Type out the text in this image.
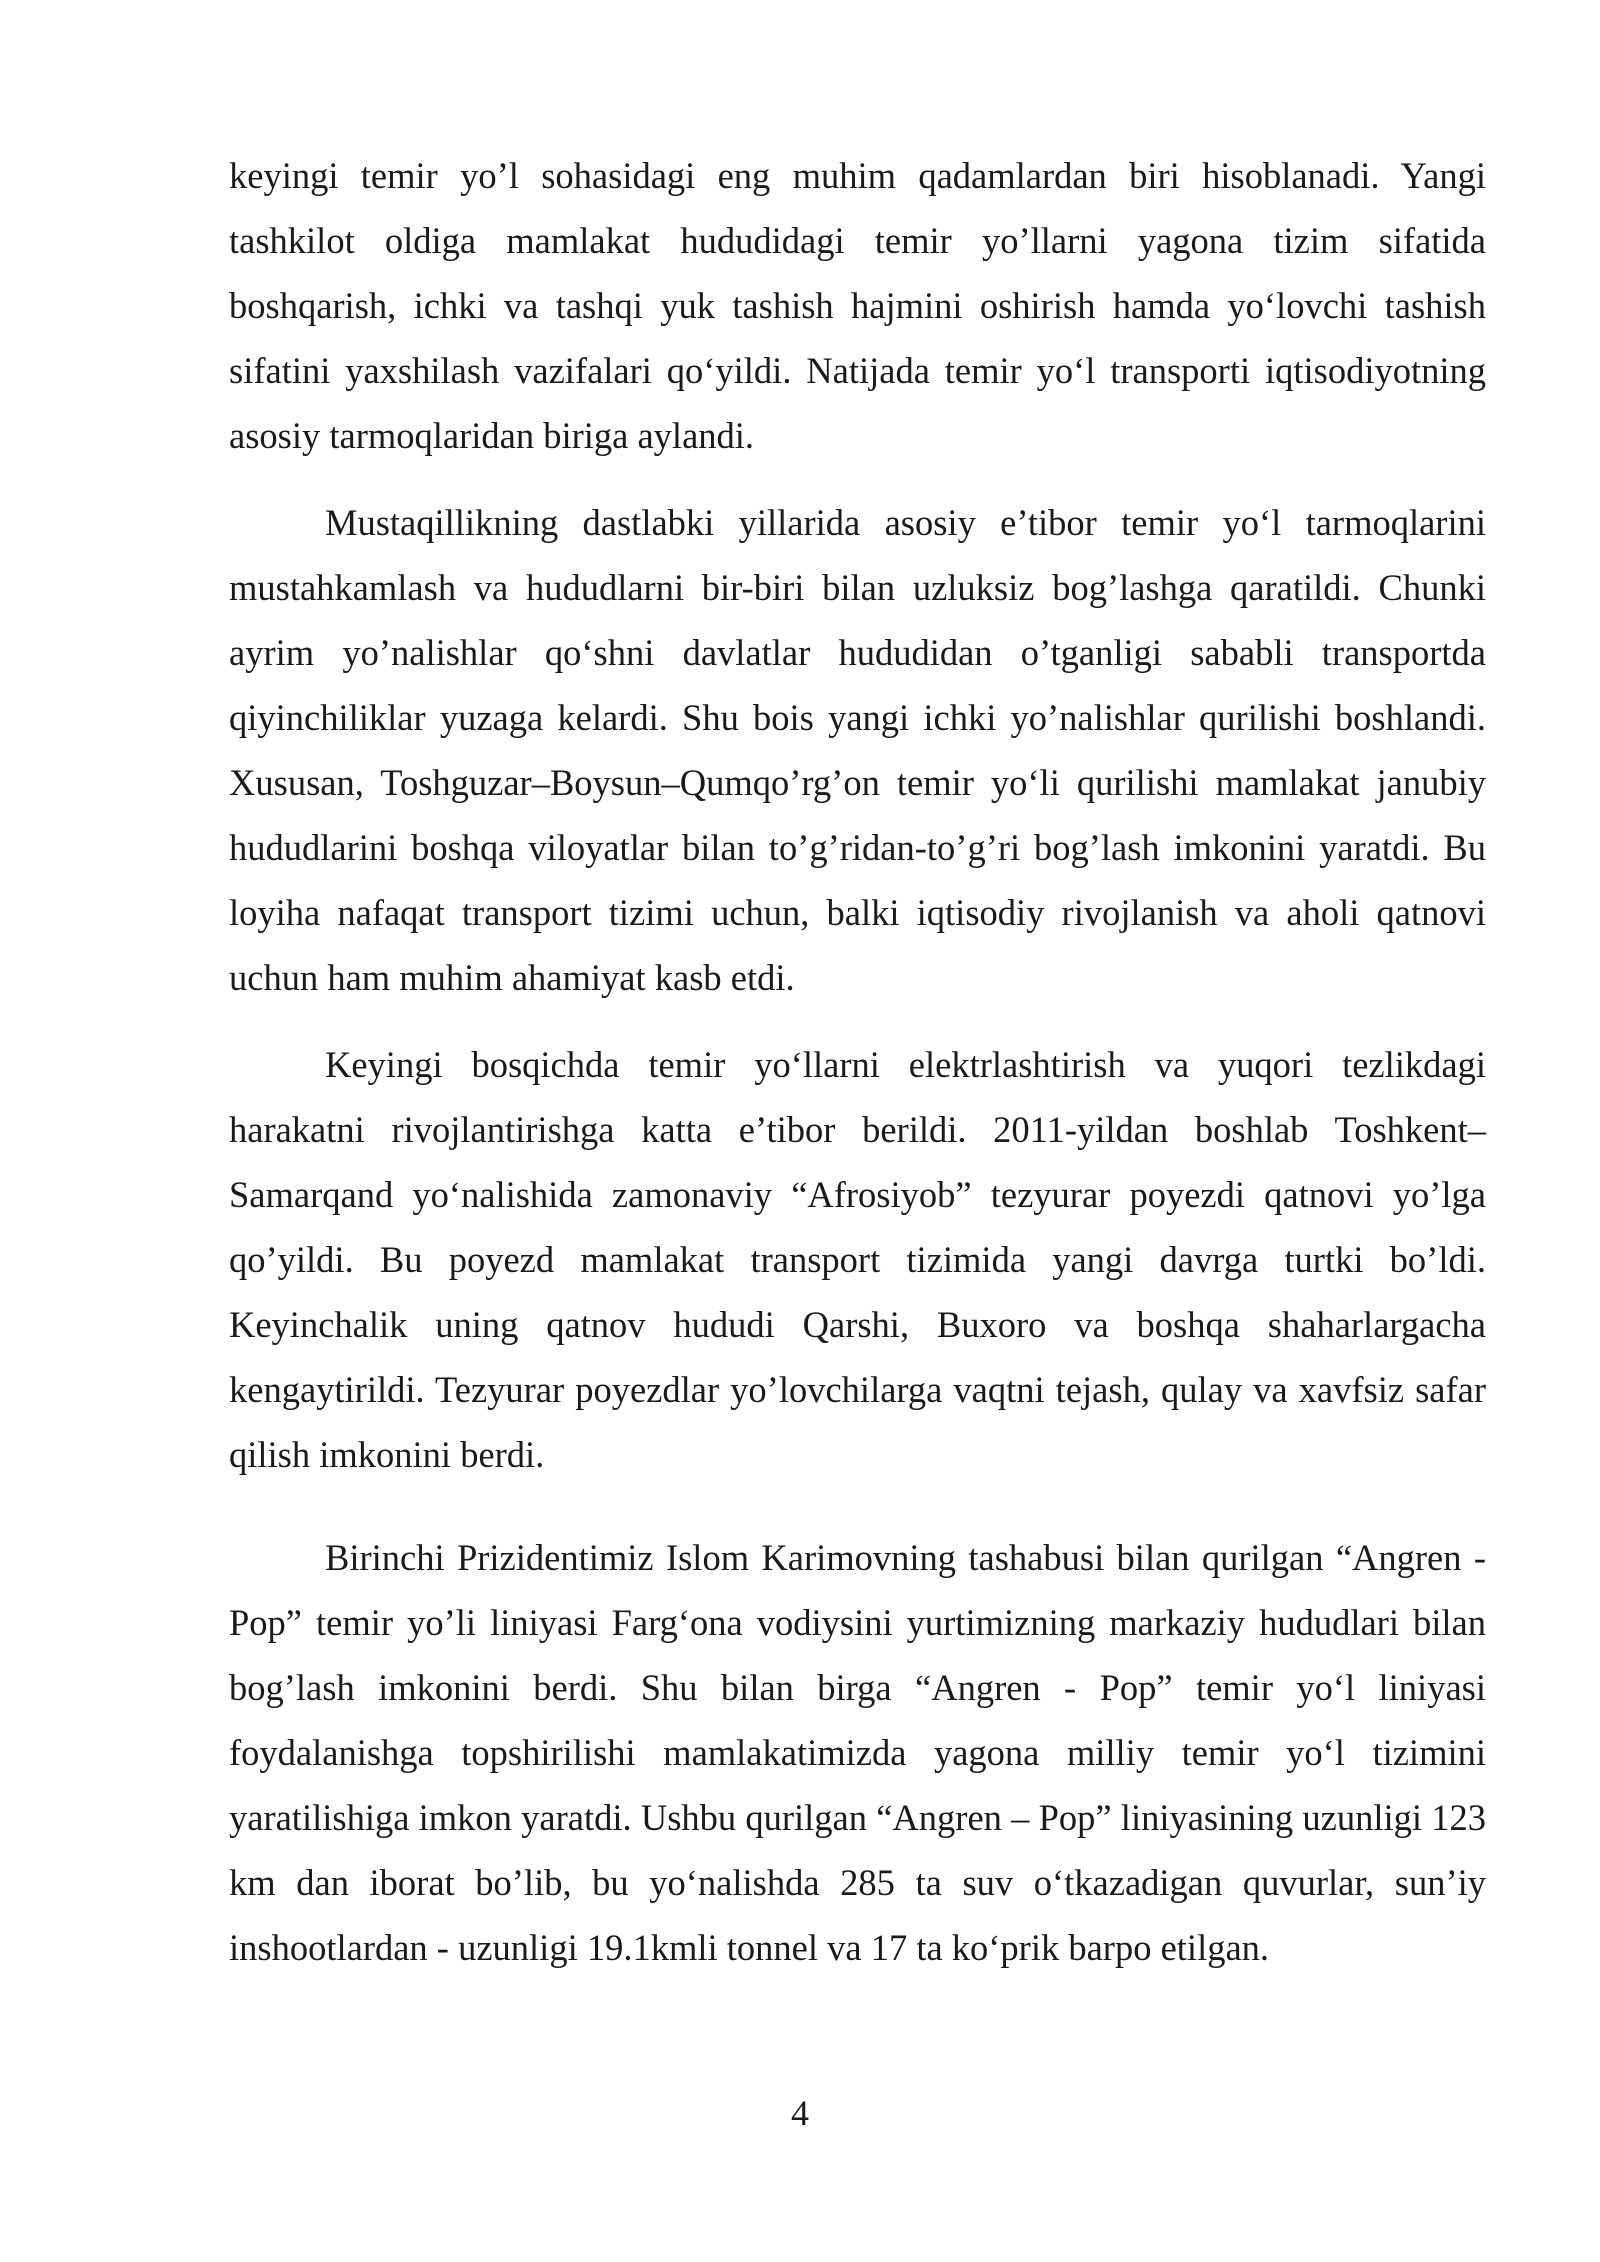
keyingi temir yo’l sohasidagi eng muhim qadamlardan biri hisoblanadi. Yangi tashkilot oldiga mamlakat hududidagi temir yo’llarni yagona tizim sifatida boshqarish, ichki va tashqi yuk tashish hajmini oshirish hamda yo‘lovchi tashish sifatini yaxshilash vazifalari qo‘yildi. Natijada temir yo‘l transporti iqtisodiyotning asosiy tarmoqlaridan biriga aylandi.

Mustaqillikning dastlabki yillarida asosiy e’tibor temir yo‘l tarmoqlarini mustahkamlash va hududlarni bir-biri bilan uzluksiz bog’lashga qaratildi. Chunki ayrim yo’nalishlar qo‘shni davlatlar hududidan o’tganligi sababli transportda qiyinchiliklar yuzaga kelardi. Shu bois yangi ichki yo’nalishlar qurilishi boshlandi. Xususan, Toshguzar–Boysun–Qumqo’rg’on temir yo‘li qurilishi mamlakat janubiy hududlarini boshqa viloyatlar bilan to’g’ridan-to’g’ri bog’lash imkonini yaratdi. Bu loyiha nafaqat transport tizimi uchun, balki iqtisodiy rivojlanish va aholi qatnovi uchun ham muhim ahamiyat kasb etdi.

Keyingi bosqichda temir yo‘llarni elektrlashtirish va yuqori tezlikdagi harakatni rivojlantirishga katta e’tibor berildi. 2011-yildan boshlab Toshkent–Samarqand yo‘nalishida zamonaviy “Afrosiyob” tezyurar poyezdi qatnovi yo’lga qo’yildi. Bu poyezd mamlakat transport tizimida yangi davrga turtki bo’ldi. Keyinchalik uning qatnov hududi Qarshi, Buxoro va boshqa shaharlargacha kengaytirildi. Tezyurar poyezdlar yo’lovchilarga vaqtni tejash, qulay va xavfsiz safar qilish imkonini berdi.

Birinchi Prizidentimiz Islom Karimovning tashabusi bilan qurilgan “Angren - Pop” temir yo’li liniyasi Farg‘ona vodiysini yurtimizning markaziy hududlari bilan bog’lash imkonini berdi. Shu bilan birga “Angren - Pop” temir yo‘l liniyasi foydalanishga topshirilishi mamlakatimizda yagona milliy temir yo‘l tizimini yaratilishiga imkon yaratdi. Ushbu qurilgan “Angren – Pop” liniyasining uzunligi 123 km dan iborat bo’lib, bu yo‘nalishda 285 ta suv o‘tkazadigan quvurlar, sun’iy inshootlardan - uzunligi 19.1kmli tonnel va 17 ta ko‘prik barpo etilgan.

4
